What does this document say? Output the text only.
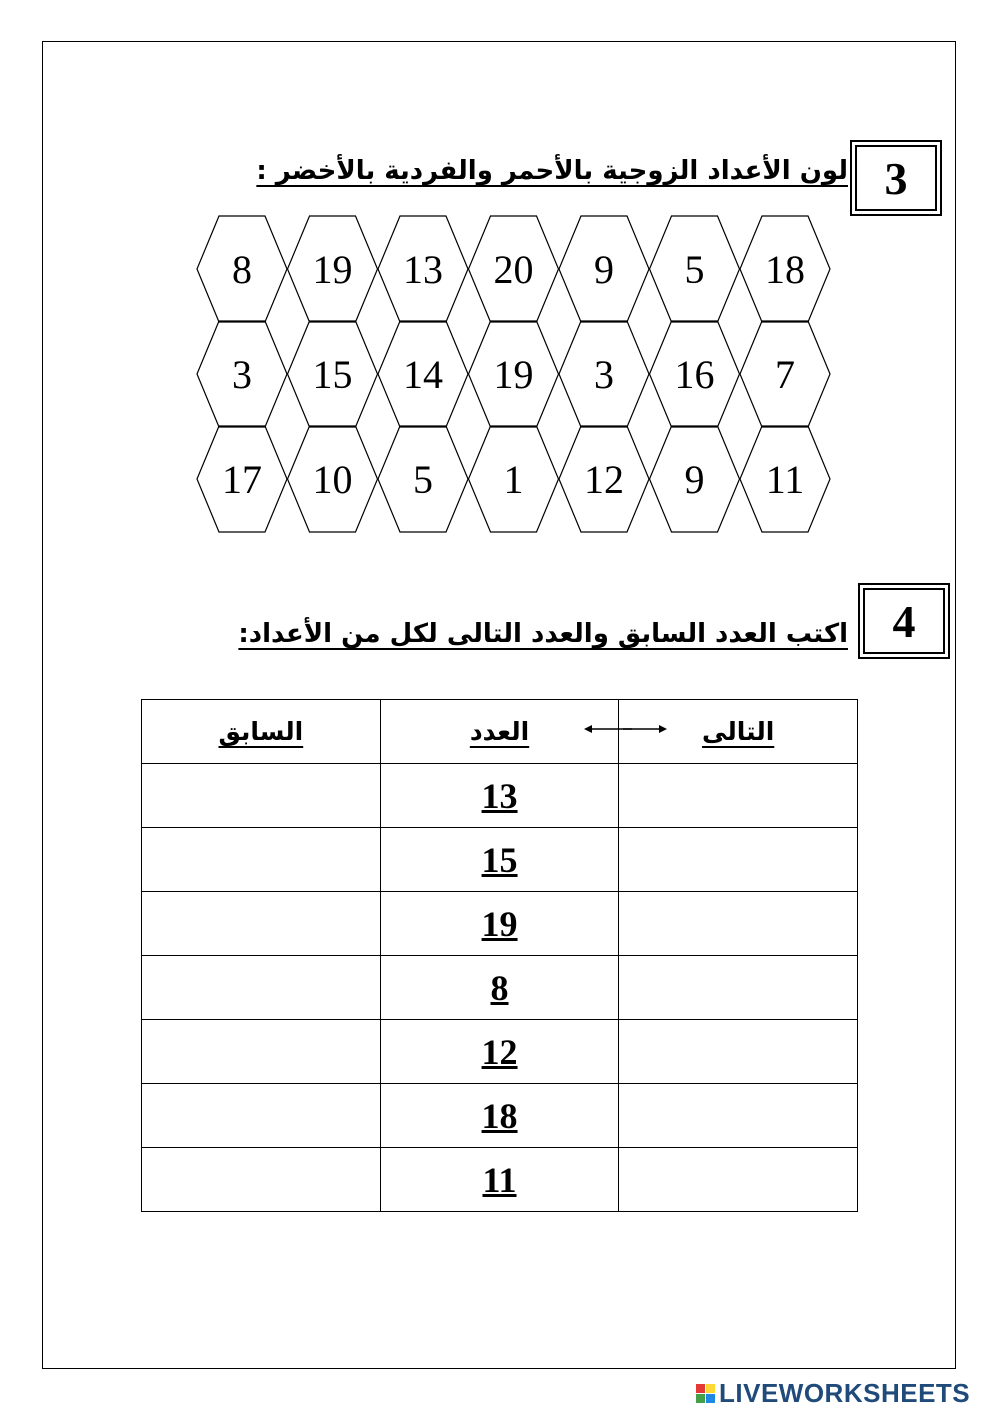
3
لون الأعداد الزوجية بالأحمر والفردية بالأخضر :
8 19 13 20 9 5 18
3 15 14 19 3 16 7
17 10 5 1 12 9 11
4
اكتب العدد السابق والعدد التالى لكل من الأعداد:
التالى	العدد	السابق
	13	
	15	
	19	
	8	
	12	
	18	
	11	
LIVEWORKSHEETS
